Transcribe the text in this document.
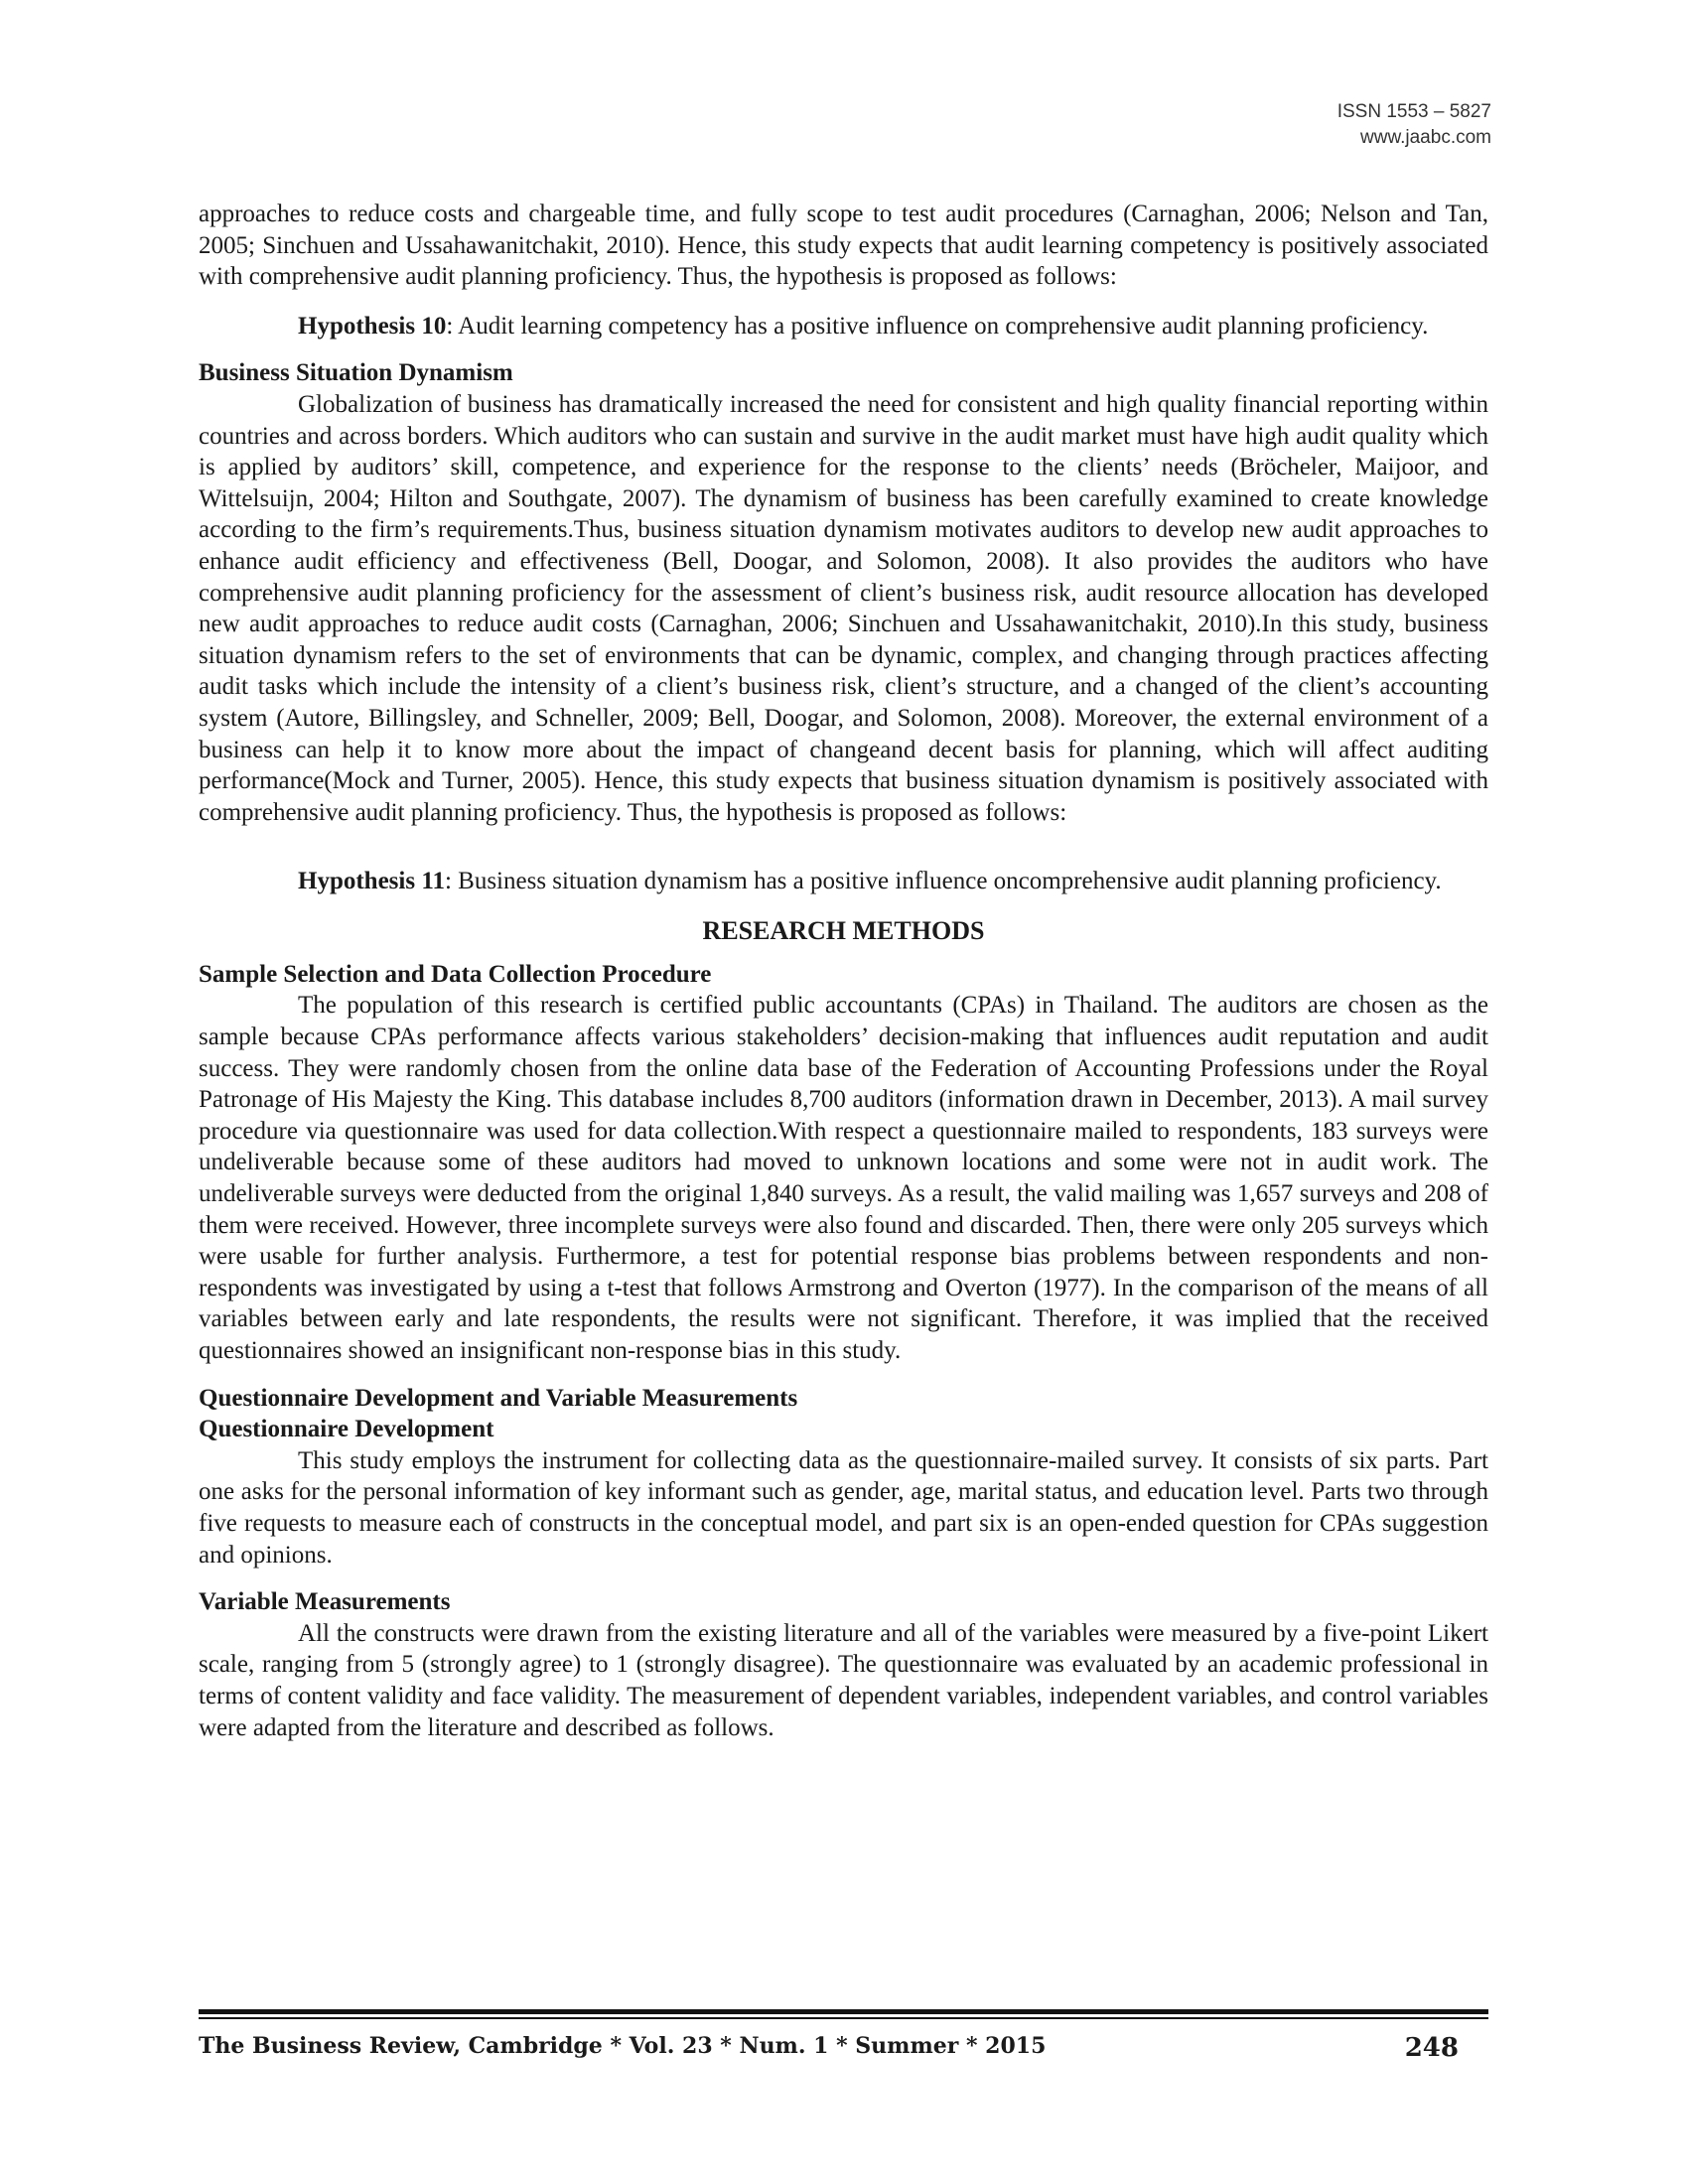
ISSN 1553 – 5827
www.jaabc.com

approaches to reduce costs and chargeable time, and fully scope to test audit procedures (Carnaghan, 2006; Nelson and Tan, 2005; Sinchuen and Ussahawanitchakit, 2010). Hence, this study expects that audit learning competency is positively associated with comprehensive audit planning proficiency. Thus, the hypothesis is proposed as follows:

Hypothesis 10: Audit learning competency has a positive influence on comprehensive audit planning proficiency.

Business Situation Dynamism

Globalization of business has dramatically increased the need for consistent and high quality financial reporting within countries and across borders. Which auditors who can sustain and survive in the audit market must have high audit quality which is applied by auditors’ skill, competence, and experience for the response to the clients’ needs (Bröcheler, Maijoor, and Wittelsuijn, 2004; Hilton and Southgate, 2007). The dynamism of business has been carefully examined to create knowledge according to the firm’s requirements.Thus, business situation dynamism motivates auditors to develop new audit approaches to enhance audit efficiency and effectiveness (Bell, Doogar, and Solomon, 2008). It also provides the auditors who have comprehensive audit planning proficiency for the assessment of client’s business risk, audit resource allocation has developed new audit approaches to reduce audit costs (Carnaghan, 2006; Sinchuen and Ussahawanitchakit, 2010).In this study, business situation dynamism refers to the set of environments that can be dynamic, complex, and changing through practices affecting audit tasks which include the intensity of a client’s business risk, client’s structure, and a changed of the client’s accounting system (Autore, Billingsley, and Schneller, 2009; Bell, Doogar, and Solomon, 2008). Moreover, the external environment of a business can help it to know more about the impact of changeand decent basis for planning, which will affect auditing performance(Mock and Turner, 2005). Hence, this study expects that business situation dynamism is positively associated with comprehensive audit planning proficiency. Thus, the hypothesis is proposed as follows:

Hypothesis 11: Business situation dynamism has a positive influence oncomprehensive audit planning proficiency.

RESEARCH METHODS
Sample Selection and Data Collection Procedure

The population of this research is certified public accountants (CPAs) in Thailand. The auditors are chosen as the sample because CPAs performance affects various stakeholders’ decision-making that influences audit reputation and audit success. They were randomly chosen from the online data base of the Federation of Accounting Professions under the Royal Patronage of His Majesty the King. This database includes 8,700 auditors (information drawn in December, 2013). A mail survey procedure via questionnaire was used for data collection.With respect a questionnaire mailed to respondents, 183 surveys were undeliverable because some of these auditors had moved to unknown locations and some were not in audit work. The undeliverable surveys were deducted from the original 1,840 surveys. As a result, the valid mailing was 1,657 surveys and 208 of them were received. However, three incomplete surveys were also found and discarded. Then, there were only 205 surveys which were usable for further analysis. Furthermore, a test for potential response bias problems between respondents and non-respondents was investigated by using a t-test that follows Armstrong and Overton (1977). In the comparison of the means of all variables between early and late respondents, the results were not significant. Therefore, it was implied that the received questionnaires showed an insignificant non-response bias in this study.

Questionnaire Development and Variable Measurements
Questionnaire Development

This study employs the instrument for collecting data as the questionnaire-mailed survey. It consists of six parts. Part one asks for the personal information of key informant such as gender, age, marital status, and education level. Parts two through five requests to measure each of constructs in the conceptual model, and part six is an open-ended question for CPAs suggestion and opinions.

Variable Measurements

All the constructs were drawn from the existing literature and all of the variables were measured by a five-point Likert scale, ranging from 5 (strongly agree) to 1 (strongly disagree). The questionnaire was evaluated by an academic professional in terms of content validity and face validity. The measurement of dependent variables, independent variables, and control variables were adapted from the literature and described as follows.

The Business Review, Cambridge * Vol. 23 * Num. 1 * Summer * 2015	248
